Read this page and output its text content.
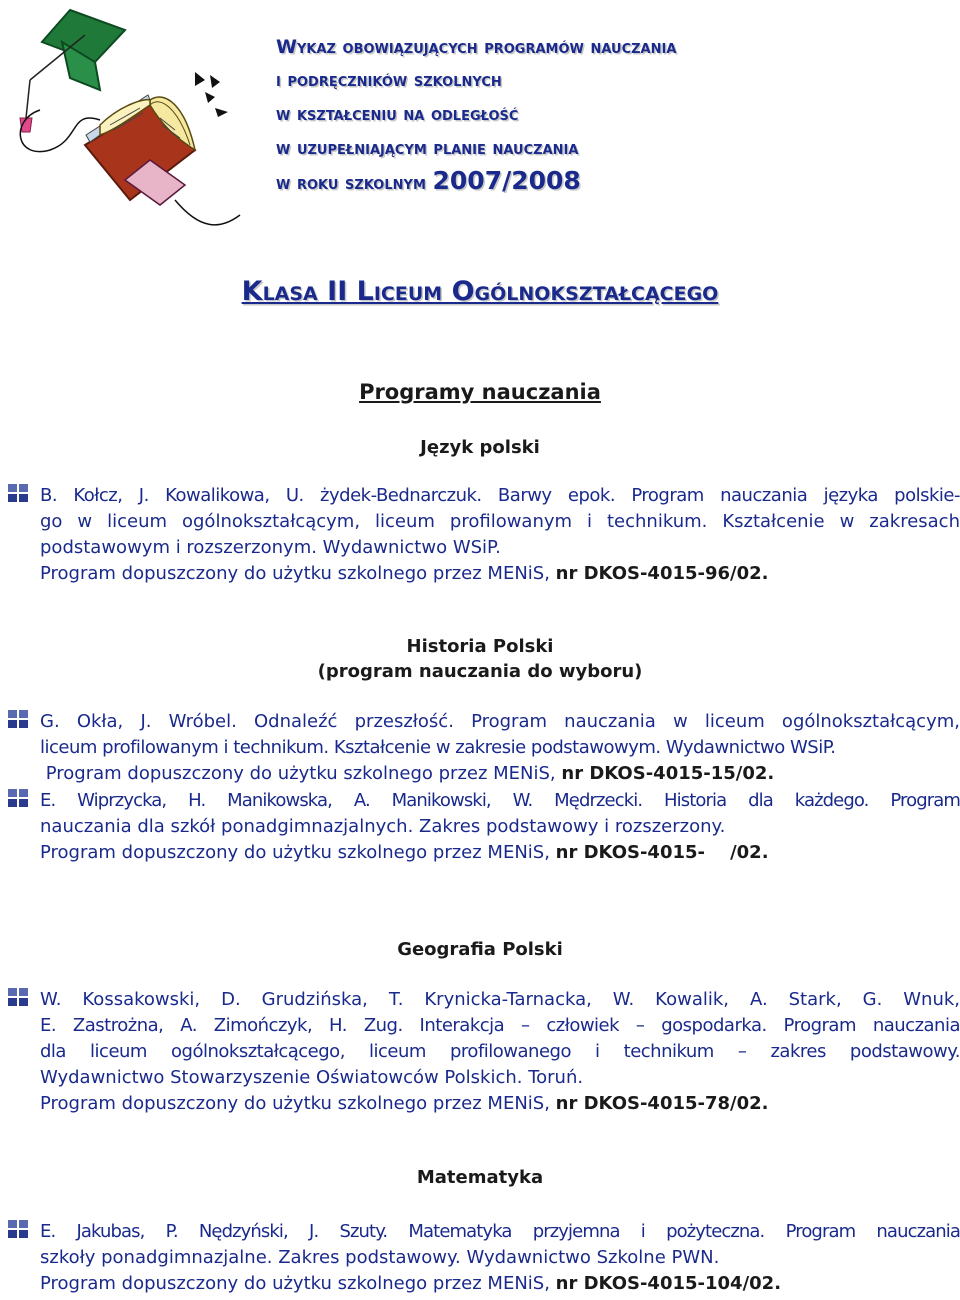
Wykaz obowiązujących programów nauczania

i podręczników szkolnych

w kształceniu na odległość

w uzupełniającym planie nauczania

w roku szkolnym 2007/2008

Klasa II Liceum Ogólnokształcącego

Programy nauczania

Język polski

B. Kołcz, J. Kowalikowa, U. żydek-Bednarczuk. Barwy epok. Program nauczania języka polskie-
go w liceum ogólnokształcącym, liceum profilowanym i technikum. Kształcenie w zakresach
podstawowym i rozszerzonym. Wydawnictwo WSiP.
Program dopuszczony do użytku szkolnego przez MENiS, nr DKOS-4015-96/02.

Historia Polski

(program nauczania do wyboru)

G. Okła, J. Wróbel. Odnaleźć przeszłość. Program nauczania w liceum ogólnokształcącym,
liceum profilowanym i technikum. Kształcenie w zakresie podstawowym. Wydawnictwo WSiP.
Program dopuszczony do użytku szkolnego przez MENiS, nr DKOS-4015-15/02.
E. Wiprzycka, H. Manikowska, A. Manikowski, W. Mędrzecki. Historia dla każdego. Program
nauczania dla szkół ponadgimnazjalnych. Zakres podstawowy i rozszerzony.
Program dopuszczony do użytku szkolnego przez MENiS, nr DKOS-4015-    /02.

Geografia Polski

W. Kossakowski, D. Grudzińska, T. Krynicka-Tarnacka, W. Kowalik, A. Stark, G. Wnuk,
E. Zastrożna, A. Zimończyk, H. Zug. Interakcja – człowiek – gospodarka. Program nauczania
dla liceum ogólnokształcącego, liceum profilowanego i technikum – zakres podstawowy.
Wydawnictwo Stowarzyszenie Oświatowców Polskich. Toruń.
Program dopuszczony do użytku szkolnego przez MENiS, nr DKOS-4015-78/02.

Matematyka

E. Jakubas, P. Nędzyński, J. Szuty. Matematyka przyjemna i pożyteczna. Program nauczania
szkoły ponadgimnazjalne. Zakres podstawowy. Wydawnictwo Szkolne PWN.
Program dopuszczony do użytku szkolnego przez MENiS, nr DKOS-4015-104/02.
